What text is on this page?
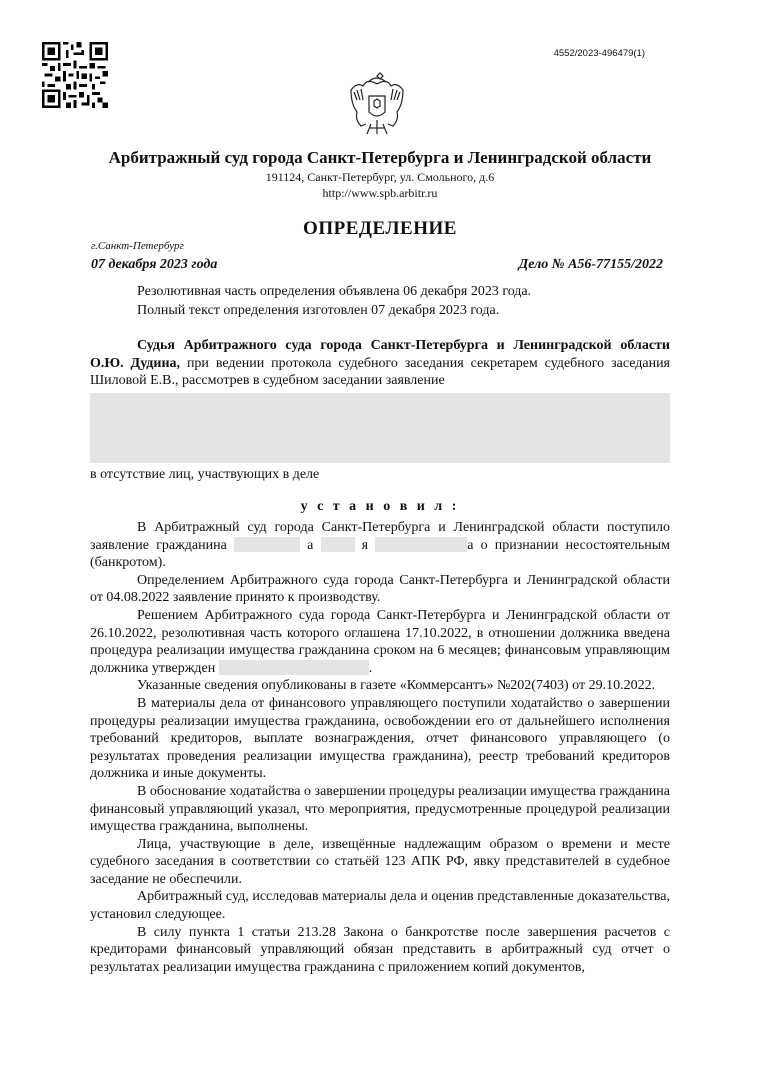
4552/2023-496479(1)
Арбитражный суд города Санкт-Петербурга и Ленинградской области
191124, Санкт-Петербург, ул. Смольного, д.6
http://www.spb.arbitr.ru
ОПРЕДЕЛЕНИЕ
г.Санкт-Петербург
07 декабря 2023 года	Дело № А56-77155/2022
Резолютивная часть определения объявлена 06 декабря 2023 года.
Полный текст определения изготовлен 07 декабря 2023 года.
Судья Арбитражного суда города Санкт-Петербурга и Ленинградской области О.Ю. Дудина, при ведении протокола судебного заседания секретарем судебного заседания Шиловой Е.В., рассмотрев в судебном заседании заявление
в отсутствие лиц, участвующих в деле
у с т а н о в и л :
В Арбитражный суд города Санкт-Петербурга и Ленинградской области поступило заявление гражданина	а	я	а о признании несостоятельным (банкротом).
Определением Арбитражного суда города Санкт-Петербурга и Ленинградской области от 04.08.2022 заявление принято к производству.
Решением Арбитражного суда города Санкт-Петербурга и Ленинградской области от 26.10.2022, резолютивная часть которого оглашена 17.10.2022, в отношении должника введена процедура реализации имущества гражданина сроком на 6 месяцев; финансовым управляющим должника утвержден	.
Указанные сведения опубликованы в газете «Коммерсантъ» №202(7403) от 29.10.2022.
В материалы дела от финансового управляющего поступили ходатайство о завершении процедуры реализации имущества гражданина, освобождении его от дальнейшего исполнения требований кредиторов, выплате вознаграждения, отчет финансового управляющего (о результатах проведения реализации имущества гражданина), реестр требований кредиторов должника и иные документы.
В обоснование ходатайства о завершении процедуры реализации имущества гражданина финансовый управляющий указал, что мероприятия, предусмотренные процедурой реализации имущества гражданина, выполнены.
Лица, участвующие в деле, извещённые надлежащим образом о времени и месте судебного заседания в соответствии со статьёй 123 АПК РФ, явку представителей в судебное заседание не обеспечили.
Арбитражный суд, исследовав материалы дела и оценив представленные доказательства, установил следующее.
В силу пункта 1 статьи 213.28 Закона о банкротстве после завершения расчетов с кредиторами финансовый управляющий обязан представить в арбитражный суд отчет о результатах реализации имущества гражданина с приложением копий документов,
